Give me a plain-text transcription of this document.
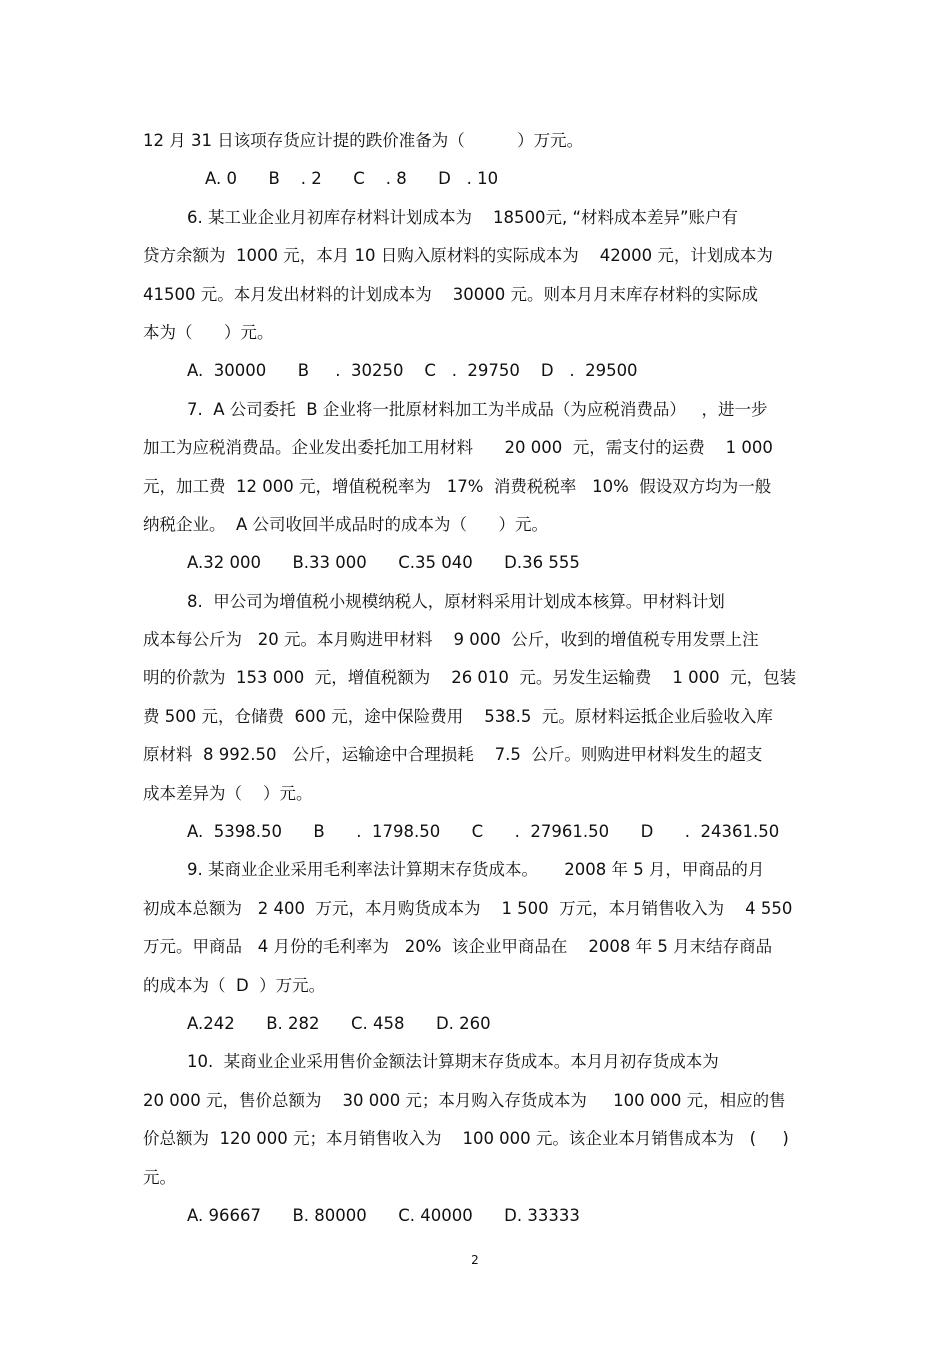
12 月 31 日该项存货应计提的跌价准备为（          ）万元。
A. 0      B    . 2      C    . 8      D   . 10
6. 某工业企业月初库存材料计划成本为    18500元, “材料成本差异”账户有
贷方余额为  1000 元，本月 10 日购入原材料的实际成本为    42000 元，计划成本为
41500 元。本月发出材料的计划成本为    30000 元。则本月月末库存材料的实际成
本为（      ）元。
A.  30000      B     .  30250    C   .  29750    D   .  29500
7.  A 公司委托  B 企业将一批原材料加工为半成品（为应税消费品）   ，进一步
加工为应税消费品。企业发出委托加工用材料      20 000  元，需支付的运费    1 000
元，加工费  12 000 元，增值税税率为   17%  消费税税率   10%  假设双方均为一般
纳税企业。  A 公司收回半成品时的成本为（      ）元。
A.32 000      B.33 000      C.35 040      D.36 555
8.  甲公司为增值税小规模纳税人，原材料采用计划成本核算。甲材料计划
成本每公斤为   20 元。本月购进甲材料    9 000  公斤，收到的增值税专用发票上注
明的价款为  153 000  元，增值税额为    26 010  元。另发生运输费    1 000  元，包装
费 500 元，仓储费  600 元，途中保险费用    538.5  元。原材料运抵企业后验收入库
原材料  8 992.50   公斤，运输途中合理损耗    7.5  公斤。则购进甲材料发生的超支
成本差异为（    ）元。
A.  5398.50      B      .  1798.50      C      .  27961.50      D      .  24361.50
9. 某商业企业采用毛利率法计算期末存货成本。     2008 年 5 月，甲商品的月
初成本总额为   2 400  万元，本月购货成本为    1 500  万元，本月销售收入为    4 550
万元。甲商品   4 月份的毛利率为   20%  该企业甲商品在    2008 年 5 月末结存商品
的成本为（  D  ）万元。
A.242      B. 282      C. 458      D. 260
10.  某商业企业采用售价金额法计算期末存货成本。本月月初存货成本为
20 000 元，售价总额为    30 000 元；本月购入存货成本为     100 000 元，相应的售
价总额为  120 000 元；本月销售收入为    100 000 元。该企业本月销售成本为   (     )
元。
A. 96667      B. 80000      C. 40000      D. 33333
2
